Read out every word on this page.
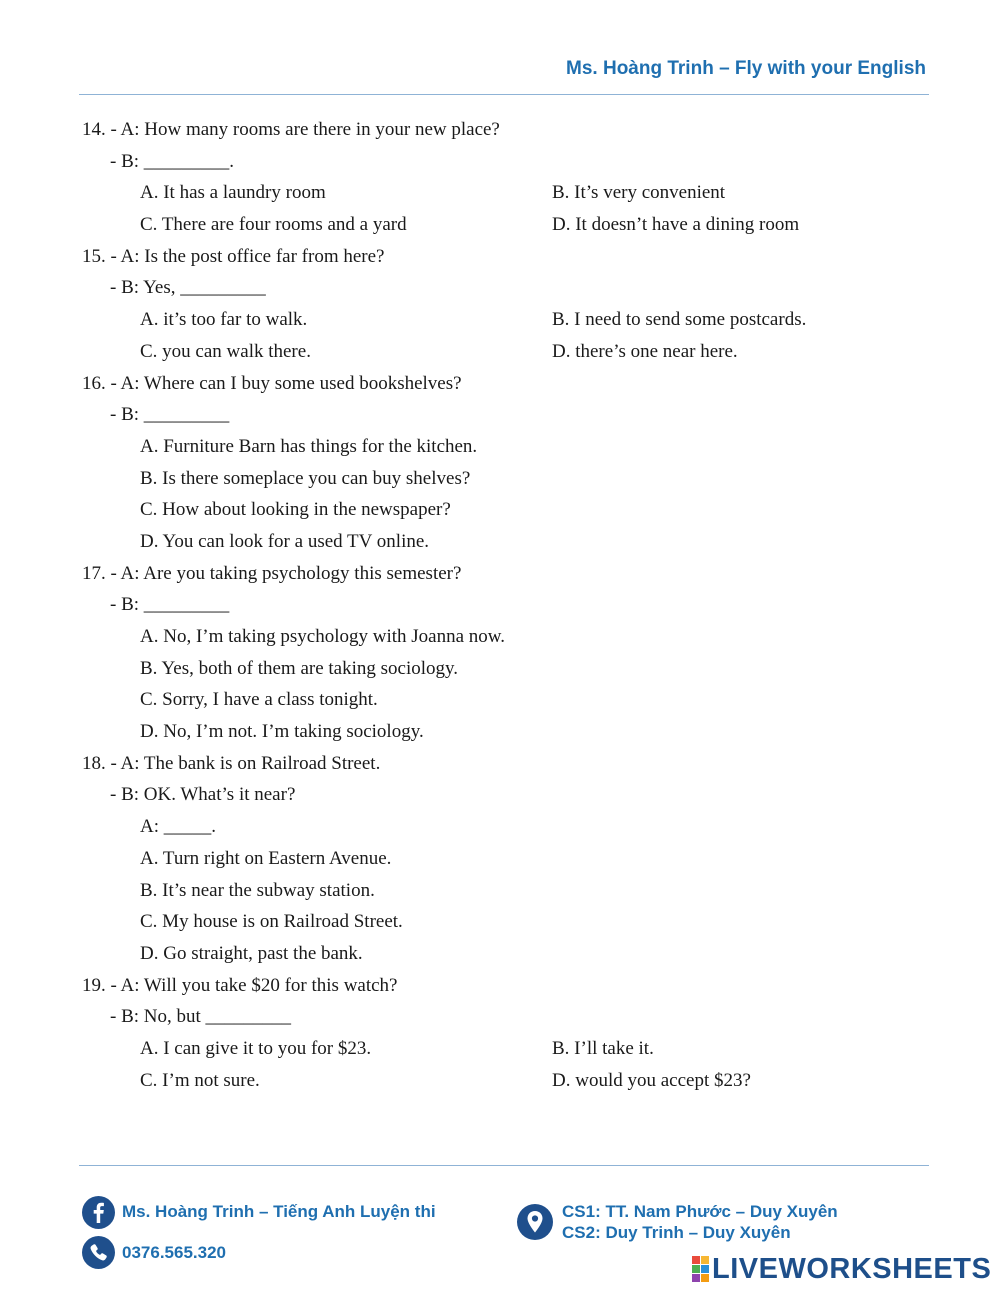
Ms. Hoàng Trinh – Fly with your English
14. - A: How many rooms are there in your new place?
- B: _________.
A. It has a laundry room	B. It’s very convenient
C. There are four rooms and a yard	D. It doesn’t have a dining room
15. - A: Is the post office far from here?
- B: Yes, _________
A. it’s too far to walk.	B. I need to send some postcards.
C. you can walk there.	D. there’s one near here.
16. - A: Where can I buy some used bookshelves?
- B: _________
A. Furniture Barn has things for the kitchen.
B. Is there someplace you can buy shelves?
C. How about looking in the newspaper?
D. You can look for a used TV online.
17. - A: Are you taking psychology this semester?
- B: _________
A. No, I’m taking psychology with Joanna now.
B. Yes, both of them are taking sociology.
C. Sorry, I have a class tonight.
D. No, I’m not. I’m taking sociology.
18. - A: The bank is on Railroad Street.
- B: OK. What’s it near?
A: _____.
A. Turn right on Eastern Avenue.
B. It’s near the subway station.
C. My house is on Railroad Street.
D. Go straight, past the bank.
19. - A: Will you take $20 for this watch?
- B: No, but _________
A. I can give it to you for $23.	B. I’ll take it.
C. I’m not sure.	D. would you accept $23?
Ms. Hoàng Trinh – Tiếng Anh Luyện thi
0376.565.320
CS1: TT. Nam Phước – Duy Xuyên
CS2: Duy Trinh – Duy Xuyên
LIVEWORKSHEETS
